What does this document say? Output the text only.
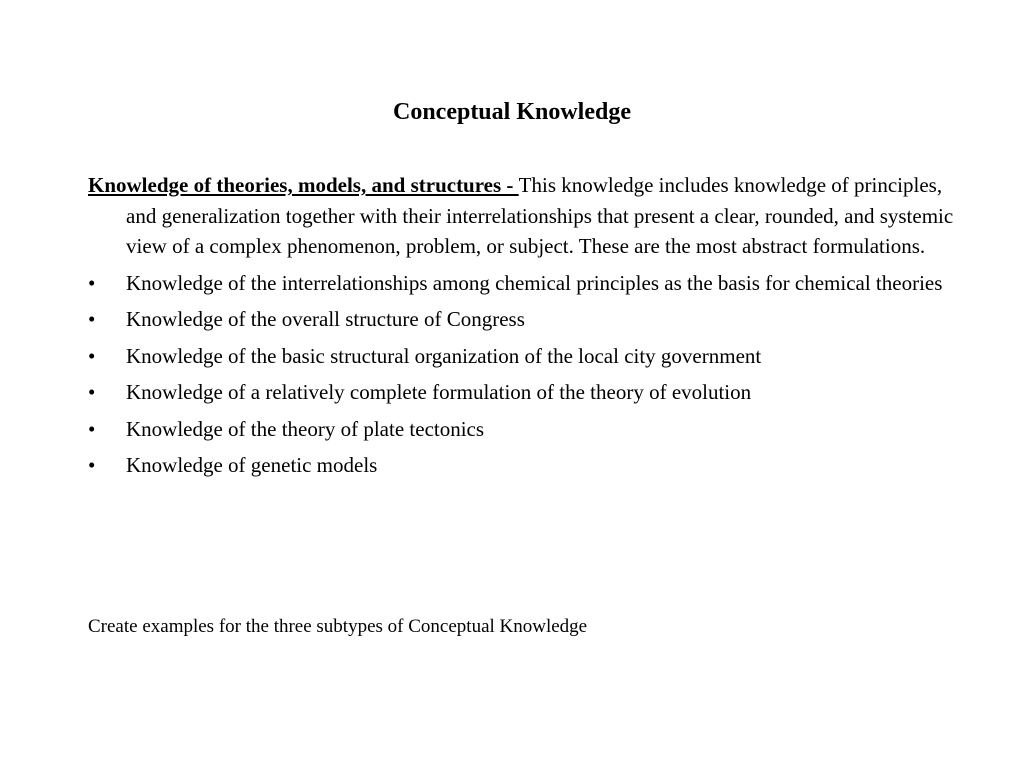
Conceptual Knowledge

Knowledge of theories, models, and structures - This knowledge includes knowledge of principles, and generalization together with their interrelationships that present a clear, rounded, and systemic view of a complex phenomenon, problem, or subject. These are the most abstract formulations.

•	Knowledge of the interrelationships among chemical principles as the basis for chemical theories
•	Knowledge of the overall structure of Congress
•	Knowledge of the basic structural organization of the local city government
•	Knowledge of a relatively complete formulation of the theory of evolution
•	Knowledge of the theory of plate tectonics
•	Knowledge of genetic models
Create examples for the three subtypes of Conceptual Knowledge
